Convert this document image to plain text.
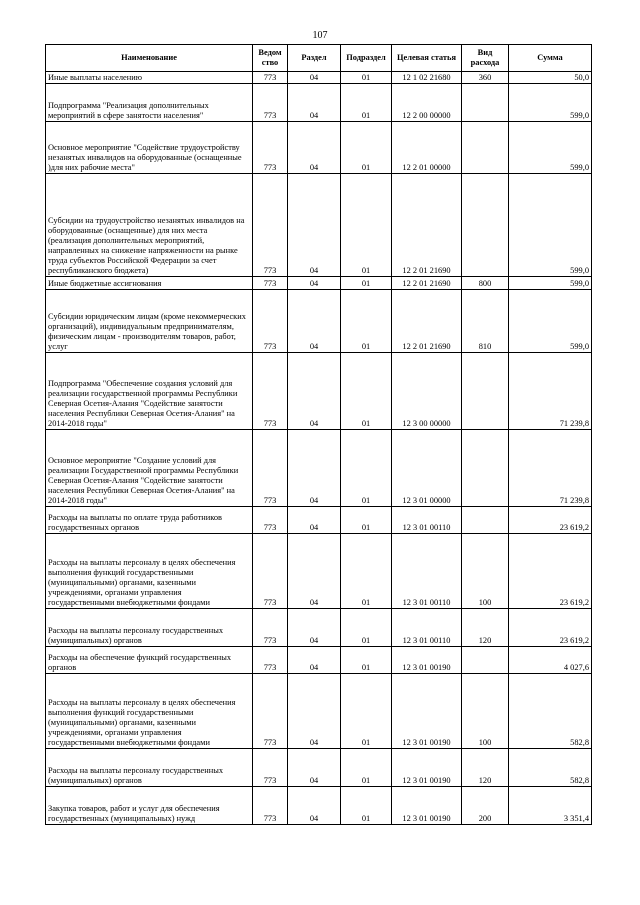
107
Наименование	Ведом ство	Раздел	Подраздел	Целевая статья	Вид расхода	Сумма
Иные выплаты населению	773	04	01	12 1 02 21680	360	50,0
Подпрограмма "Реализация дополнительных мероприятий в сфере занятости населения"	773	04	01	12 2 00 00000		599,0
Основное мероприятие "Содействие трудоустройству незанятых инвалидов на оборудованные (оснащенные )для них рабочие места"	773	04	01	12 2 01 00000		599,0
Субсидии на трудоустройство незанятых инвалидов на оборудованные (оснащенные) для них места (реализация дополнительных мероприятий, направленных на снижение напряженности на рынке труда субъектов Российской Федерации за счет республиканского бюджета)	773	04	01	12 2 01 21690		599,0
Иные бюджетные ассигнования	773	04	01	12 2 01 21690	800	599,0
Субсидии юридическим лицам (кроме некоммерческих организаций), индивидуальным предпринимателям, физическим лицам - производителям товаров, работ, услуг	773	04	01	12 2 01 21690	810	599,0
Подпрограмма "Обеспечение создания условий для реализации государственной программы Республики Северная Осетия-Алания "Содействие занятости населения Республики Северная Осетия-Алания" на 2014-2018 годы"	773	04	01	12 3 00 00000		71 239,8
Основное мероприятие "Создание условий для реализации Государственной программы Республики Северная Осетия-Алания "Содействие занятости населения Республики Северная Осетия-Алания" на 2014-2018 годы"	773	04	01	12 3 01 00000		71 239,8
Расходы на выплаты по оплате труда работников государственных органов	773	04	01	12 3 01 00110		23 619,2
Расходы на выплаты персоналу в целях обеспечения выполнения функций государственными (муниципальными) органами, казенными учреждениями, органами управления государственными внебюджетными фондами	773	04	01	12 3 01 00110	100	23 619,2
Расходы на выплаты персоналу государственных (муниципальных) органов	773	04	01	12 3 01 00110	120	23 619,2
Расходы на обеспечение функций государственных органов	773	04	01	12 3 01 00190		4 027,6
Расходы на выплаты персоналу в целях обеспечения выполнения функций государственными (муниципальными) органами, казенными учреждениями, органами управления государственными внебюджетными фондами	773	04	01	12 3 01 00190	100	582,8
Расходы на выплаты персоналу государственных (муниципальных) органов	773	04	01	12 3 01 00190	120	582,8
Закупка товаров, работ и услуг для обеспечения государственных (муниципальных) нужд	773	04	01	12 3 01 00190	200	3 351,4
